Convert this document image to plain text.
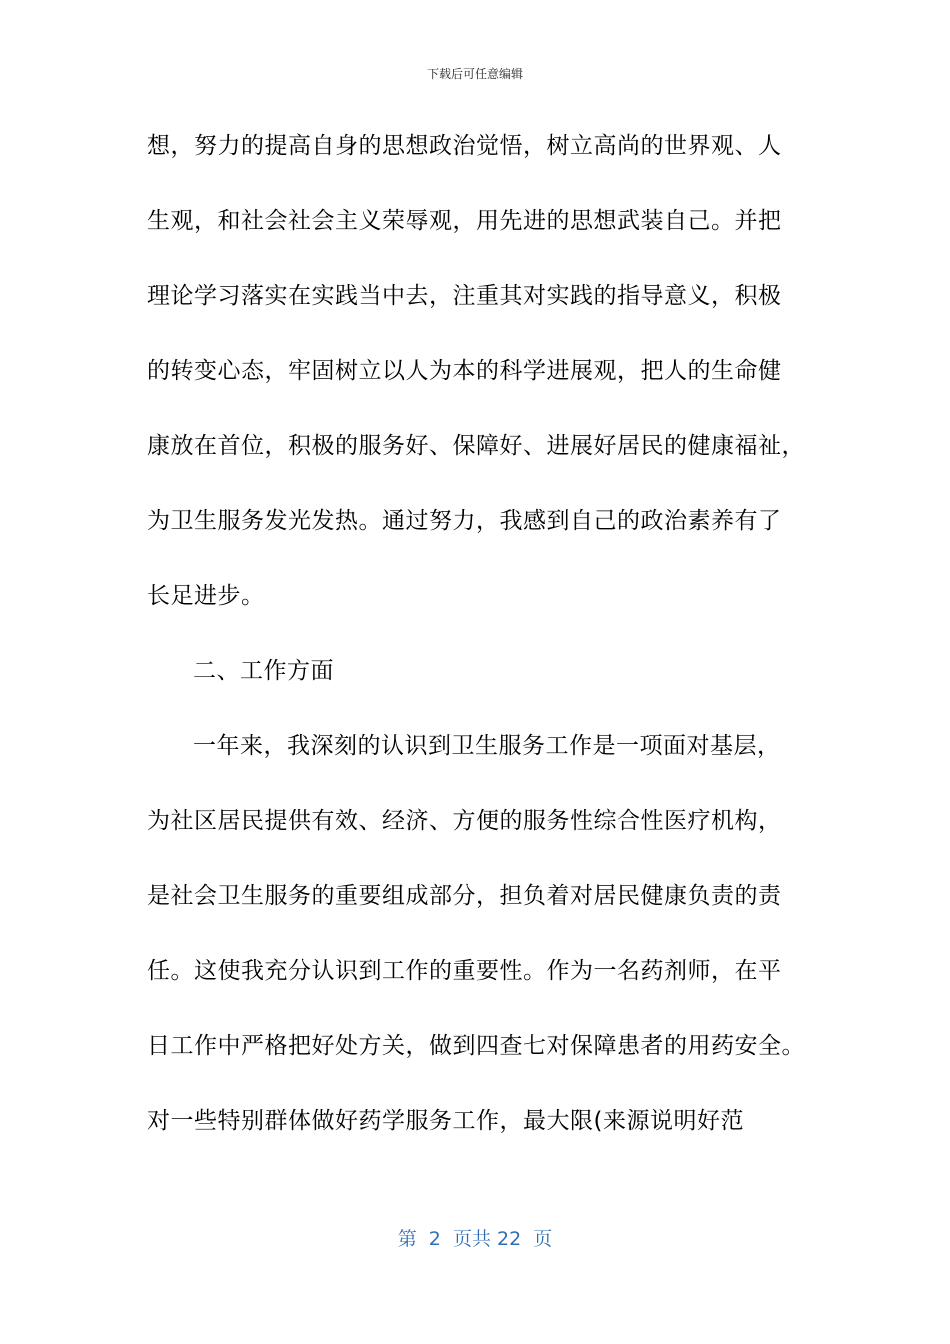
下载后可任意编辑
想，努力的提高自身的思想政治觉悟，树立高尚的世界观、人
生观，和社会社会主义荣辱观，用先进的思想武装自己。并把
理论学习落实在实践当中去，注重其对实践的指导意义，积极
的转变心态，牢固树立以人为本的科学进展观，把人的生命健
康放在首位，积极的服务好、保障好、进展好居民的健康福祉，
为卫生服务发光发热。通过努力，我感到自己的政治素养有了
长足进步。
二、工作方面
一年来，我深刻的认识到卫生服务工作是一项面对基层，
为社区居民提供有效、经济、方便的服务性综合性医疗机构，
是社会卫生服务的重要组成部分，担负着对居民健康负责的责
任。这使我充分认识到工作的重要性。作为一名药剂师，在平
日工作中严格把好处方关，做到四查七对保障患者的用药安全。
对一些特别群体做好药学服务工作，最大限(来源说明好范
第  2  页共 22  页
